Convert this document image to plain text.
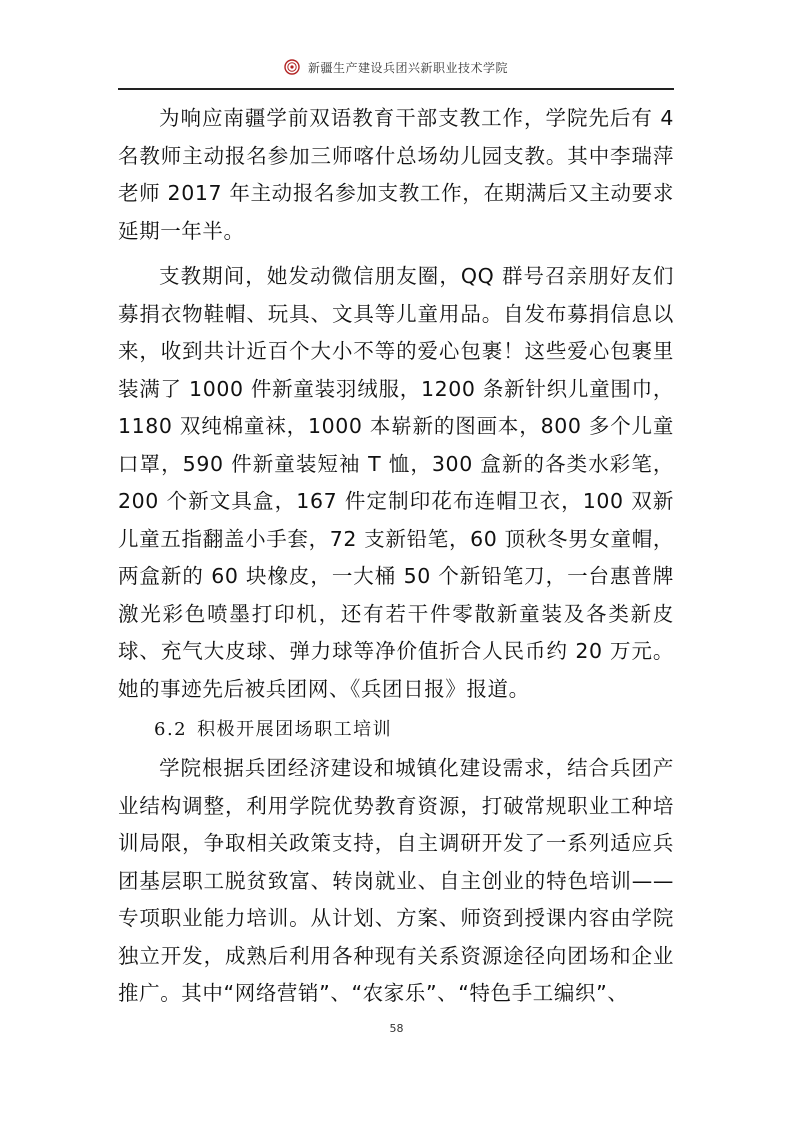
新疆生产建设兵团兴新职业技术学院

为响应南疆学前双语教育干部支教工作，学院先后有 4 名教师主动报名参加三师喀什总场幼儿园支教。其中李瑞萍老师 2017 年主动报名参加支教工作，在期满后又主动要求延期一年半。

支教期间，她发动微信朋友圈，QQ 群号召亲朋好友们募捐衣物鞋帽、玩具、文具等儿童用品。自发布募捐信息以来，收到共计近百个大小不等的爱心包裹！这些爱心包裹里装满了 1000 件新童装羽绒服，1200 条新针织儿童围巾，1180 双纯棉童袜，1000 本崭新的图画本，800 多个儿童口罩，590 件新童装短袖 T 恤，300 盒新的各类水彩笔，200 个新文具盒，167 件定制印花布连帽卫衣，100 双新儿童五指翻盖小手套，72 支新铅笔，60 顶秋冬男女童帽，两盒新的 60 块橡皮，一大桶 50 个新铅笔刀，一台惠普牌激光彩色喷墨打印机，还有若干件零散新童装及各类新皮球、充气大皮球、弹力球等净价值折合人民币约 20 万元。她的事迹先后被兵团网、《兵团日报》报道。

6.2 积极开展团场职工培训

学院根据兵团经济建设和城镇化建设需求，结合兵团产业结构调整，利用学院优势教育资源，打破常规职业工种培训局限，争取相关政策支持，自主调研开发了一系列适应兵团基层职工脱贫致富、转岗就业、自主创业的特色培训——专项职业能力培训。从计划、方案、师资到授课内容由学院独立开发，成熟后利用各种现有关系资源途径向团场和企业推广。其中“网络营销”、“农家乐”、“特色手工编织”、

58
